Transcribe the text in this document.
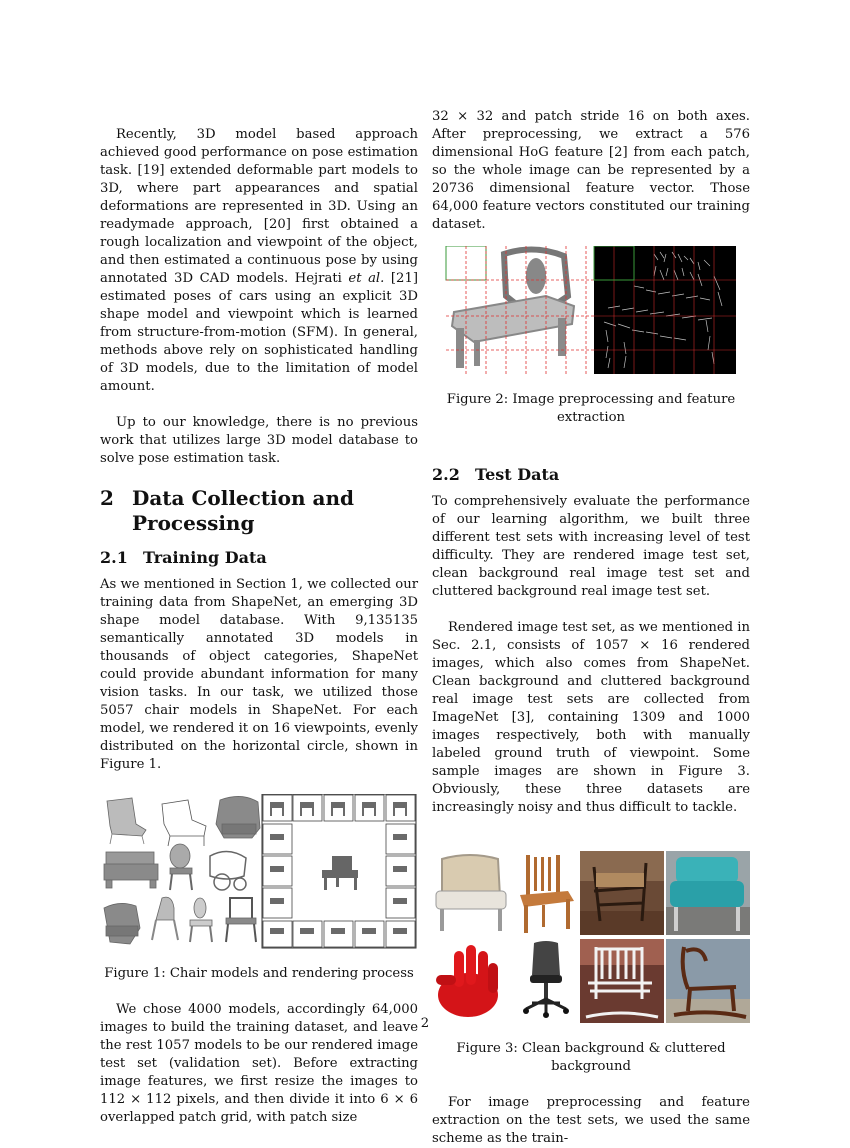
Recently, 3D model based approach achieved good performance on pose estimation task. [19] extended deformable part models to 3D, where part appearances and spatial deformations are represented in 3D. Using an readymade approach, [20] first obtained a rough localization and viewpoint of the object, and then estimated a continuous pose by using annotated 3D CAD models. Hejrati et al. [21] estimated poses of cars using an explicit 3D shape model and viewpoint which is learned from structure-from-motion (SFM). In general, methods above rely on sophisticated handling of 3D models, due to the limitation of model amount.

Up to our knowledge, there is no previous work that utilizes large 3D model database to solve pose estimation task.

2 Data Collection and Processing
2.1 Training Data

As we mentioned in Section 1, we collected our training data from ShapeNet, an emerging 3D shape model database. With 9,135135 semantically annotated 3D models in thousands of object categories, ShapeNet could provide abundant information for many vision tasks. In our task, we utilized those 5057 chair models in ShapeNet. For each model, we rendered it on 16 viewpoints, evenly distributed on the horizontal circle, shown in Figure 1.

Figure 1: Chair models and rendering process

We chose 4000 models, accordingly 64,000 images to build the training dataset, and leave the rest 1057 models to be our rendered image test set (validation set). Before extracting image features, we first resize the images to 112 × 112 pixels, and then divide it into 6 × 6 overlapped patch grid, with patch size

32 × 32 and patch stride 16 on both axes. After preprocessing, we extract a 576 dimensional HoG feature [2] from each patch, so the whole image can be represented by a 20736 dimensional feature vector. Those 64,000 feature vectors constituted our training dataset.

Figure 2: Image preprocessing and feature extraction
2.2 Test Data

To comprehensively evaluate the performance of our learning algorithm, we built three different test sets with increasing level of test difficulty. They are rendered image test set, clean background real image test set and cluttered background real image test set.

Rendered image test set, as we mentioned in Sec. 2.1, consists of 1057 × 16 rendered images, which also comes from ShapeNet. Clean background and cluttered background real image test sets are collected from ImageNet [3], containing 1309 and 1000 images respectively, both with manually labeled ground truth of viewpoint. Some sample images are shown in Figure 3. Obviously, these three datasets are increasingly noisy and thus difficult to tackle.

Figure 3: Clean background & cluttered background

For image preprocessing and feature extraction on the test sets, we used the same scheme as the train-

2
